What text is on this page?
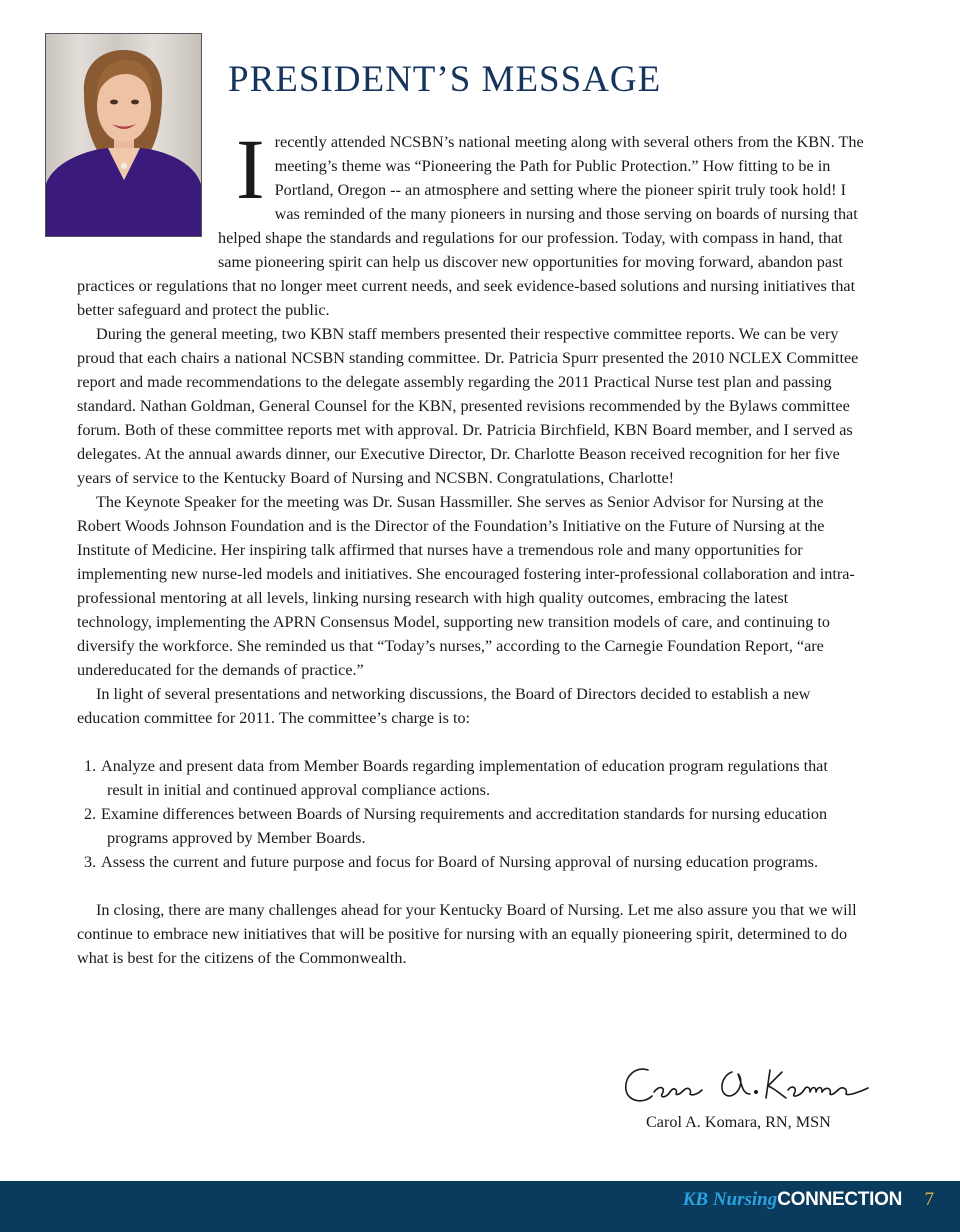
PRESIDENT’S MESSAGE
I recently attended NCSBN’s national meeting along with several others from the KBN. The meeting’s theme was “Pioneering the Path for Public Protection.” How fitting to be in Portland, Oregon -- an atmosphere and setting where the pioneer spirit truly took hold! I was reminded of the many pioneers in nursing and those serving on boards of nursing that helped shape the standards and regulations for our profession. Today, with compass in hand, that same pioneering spirit can help us discover new opportunities for moving forward, abandon past practices or regulations that no longer meet current needs, and seek evidence-based solutions and nursing initiatives that better safeguard and protect the public.

During the general meeting, two KBN staff members presented their respective committee reports. We can be very proud that each chairs a national NCSBN standing committee. Dr. Patricia Spurr presented the 2010 NCLEX Committee report and made recommendations to the delegate assembly regarding the 2011 Practical Nurse test plan and passing standard. Nathan Goldman, General Counsel for the KBN, presented revisions recommended by the Bylaws committee forum. Both of these committee reports met with approval. Dr. Patricia Birchfield, KBN Board member, and I served as delegates. At the annual awards dinner, our Executive Director, Dr. Charlotte Beason received recognition for her five years of service to the Kentucky Board of Nursing and NCSBN. Congratulations, Charlotte!

The Keynote Speaker for the meeting was Dr. Susan Hassmiller. She serves as Senior Advisor for Nursing at the Robert Woods Johnson Foundation and is the Director of the Foundation’s Initiative on the Future of Nursing at the Institute of Medicine. Her inspiring talk affirmed that nurses have a tremendous role and many opportunities for implementing new nurse-led models and initiatives. She encouraged fostering inter-professional collaboration and intra-professional mentoring at all levels, linking nursing research with high quality outcomes, embracing the latest technology, implementing the APRN Consensus Model, supporting new transition models of care, and continuing to diversify the workforce. She reminded us that “Today’s nurses,” according to the Carnegie Foundation Report, “are undereducated for the demands of practice.”

In light of several presentations and networking discussions, the Board of Directors decided to establish a new education committee for 2011. The committee’s charge is to:

1. Analyze and present data from Member Boards regarding implementation of education program regulations that result in initial and continued approval compliance actions.
2. Examine differences between Boards of Nursing requirements and accreditation standards for nursing education programs approved by Member Boards.
3. Assess the current and future purpose and focus for Board of Nursing approval of nursing education programs.

In closing, there are many challenges ahead for your Kentucky Board of Nursing. Let me also assure you that we will continue to embrace new initiatives that will be positive for nursing with an equally pioneering spirit, determined to do what is best for the citizens of the Commonwealth.

Carol A. Komara, RN, MSN
KB NursingCONNECTION 7
